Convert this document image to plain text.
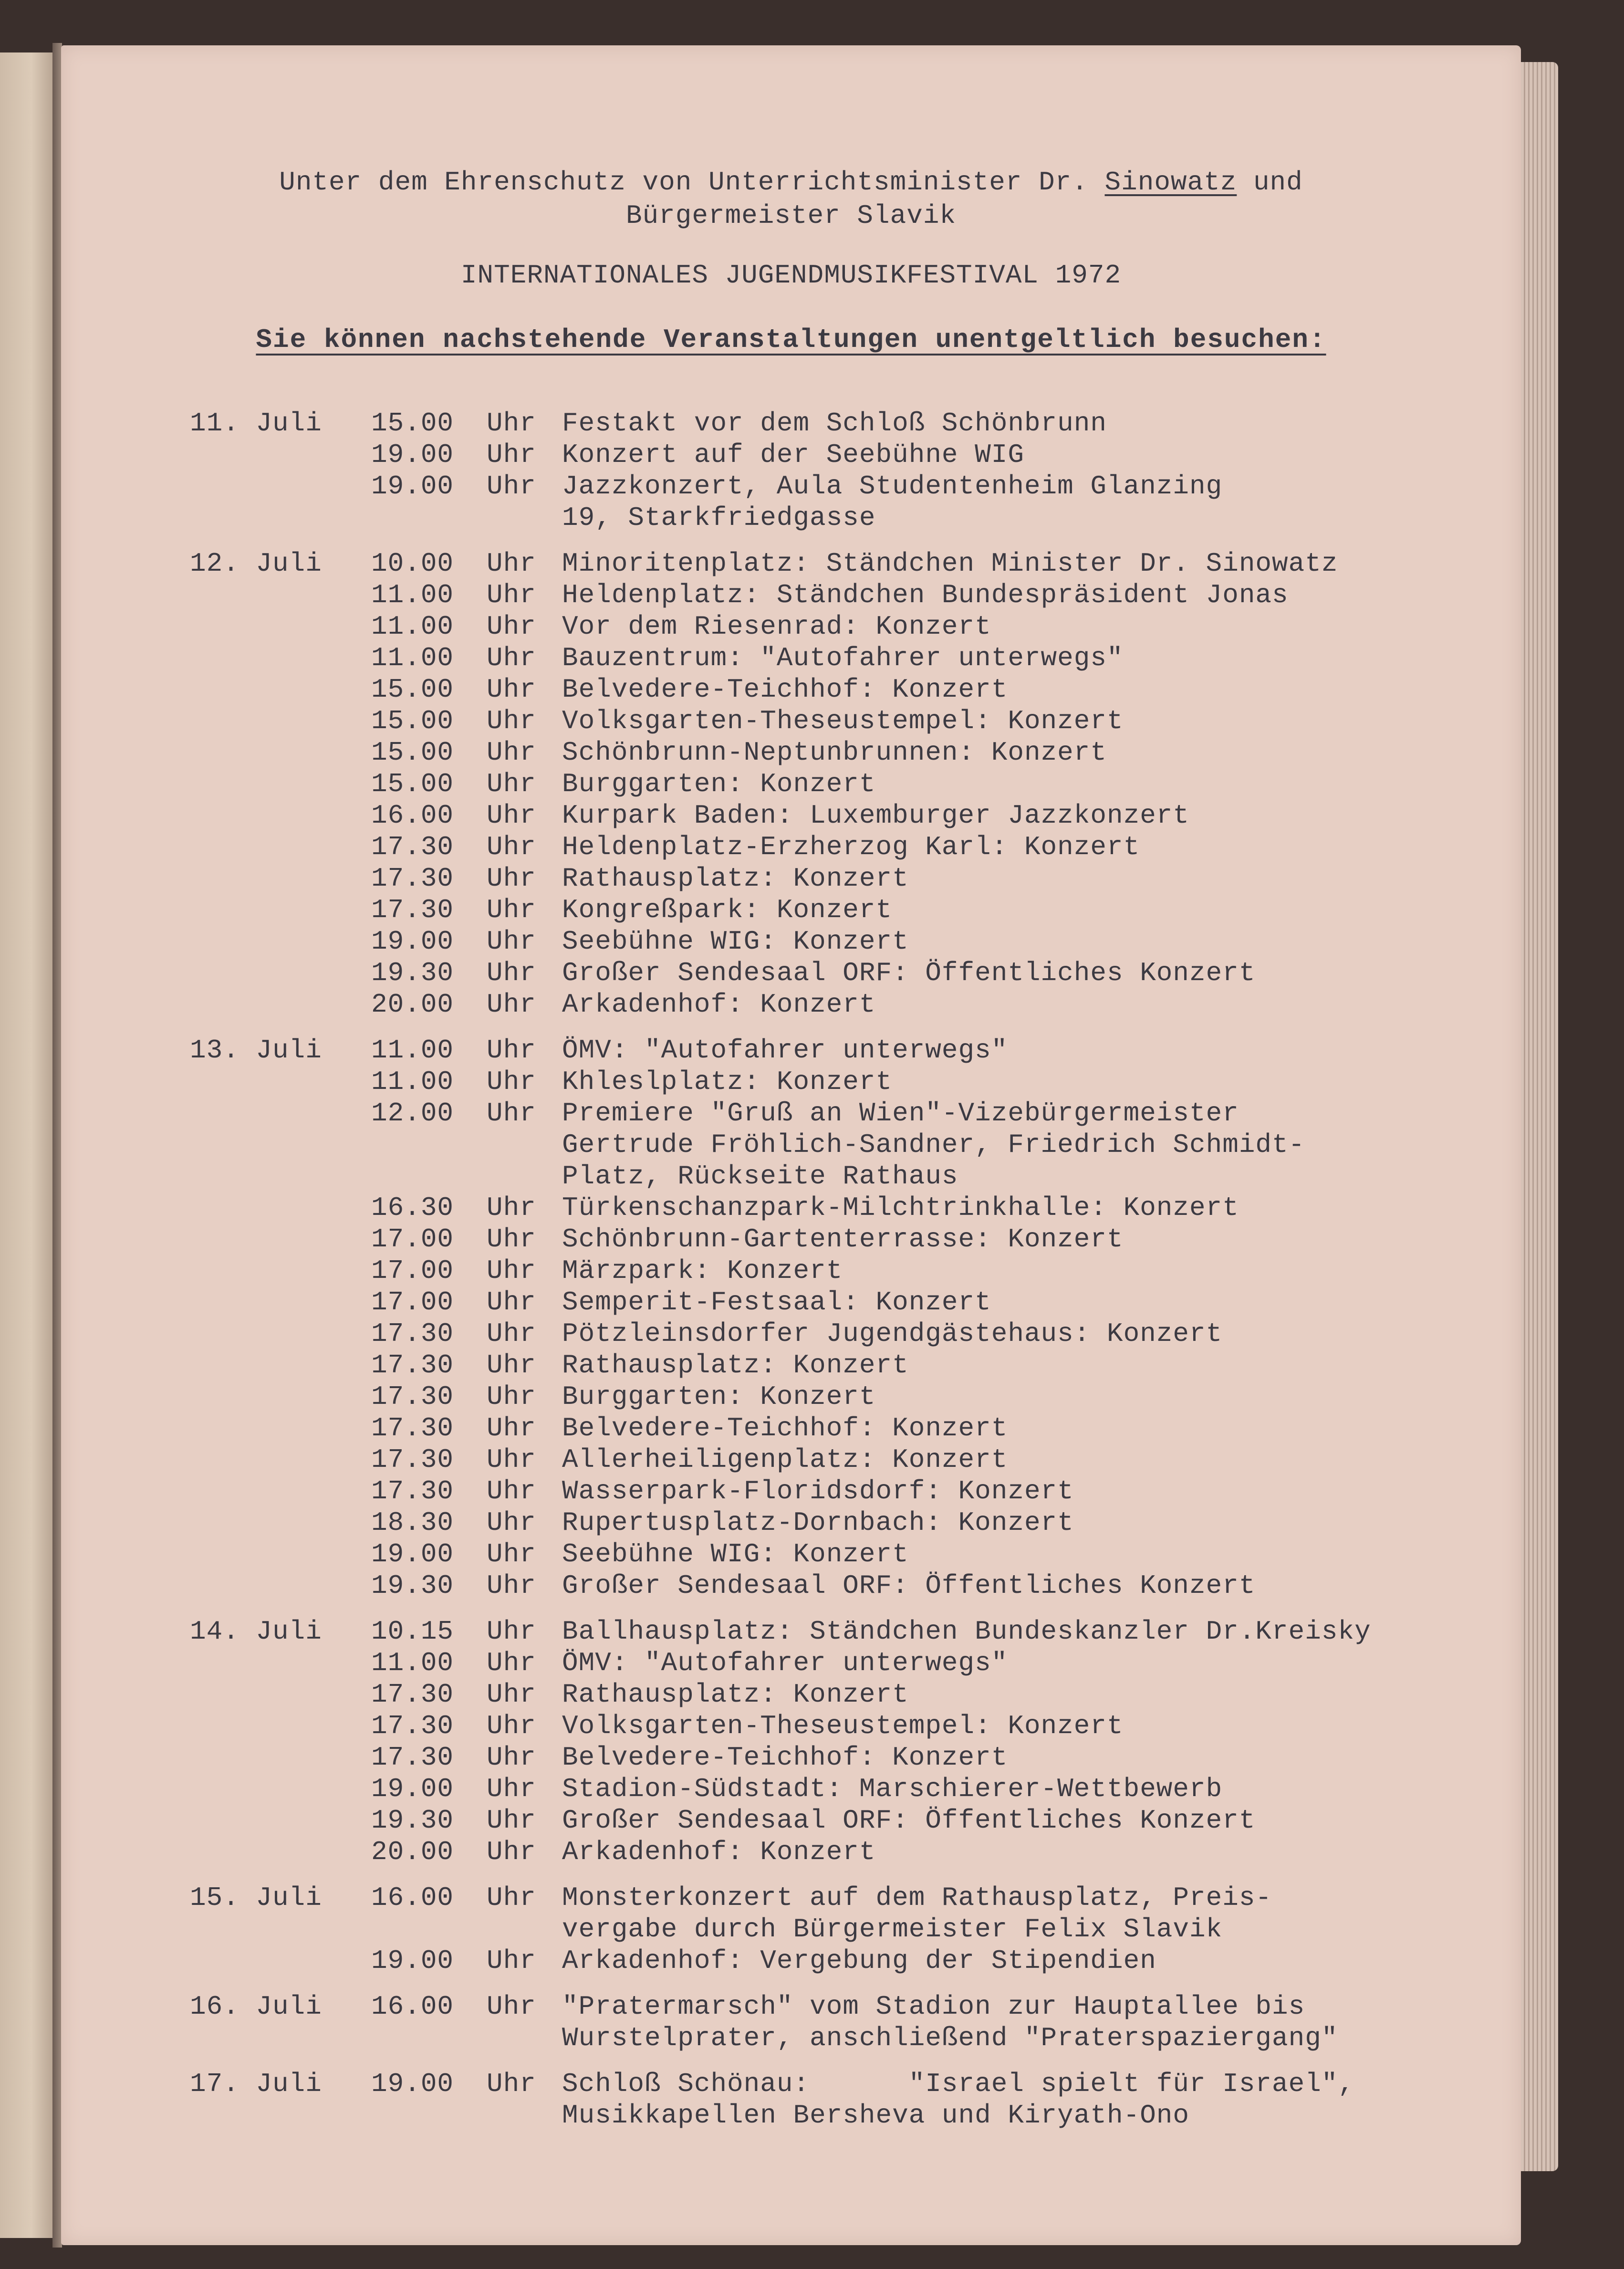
Unter dem Ehrenschutz von Unterrichtsminister Dr. Sinowatz und
Bürgermeister Slavik
INTERNATIONALES JUGENDMUSIKFESTIVAL 1972
Sie können nachstehende Veranstaltungen unentgeltlich besuchen:
11. Juli 15.00 Uhr Festakt vor dem Schloß Schönbrunn
19.00 Uhr Konzert auf der Seebühne WIG
19.00 Uhr Jazzkonzert, Aula Studentenheim Glanzing
19, Starkfriedgasse
12. Juli 10.00 Uhr Minoritenplatz: Ständchen Minister Dr. Sinowatz
11.00 Uhr Heldenplatz: Ständchen Bundespräsident Jonas
11.00 Uhr Vor dem Riesenrad: Konzert
11.00 Uhr Bauzentrum: "Autofahrer unterwegs"
15.00 Uhr Belvedere-Teichhof: Konzert
15.00 Uhr Volksgarten-Theseustempel: Konzert
15.00 Uhr Schönbrunn-Neptunbrunnen: Konzert
15.00 Uhr Burggarten: Konzert
16.00 Uhr Kurpark Baden: Luxemburger Jazzkonzert
17.30 Uhr Heldenplatz-Erzherzog Karl: Konzert
17.30 Uhr Rathausplatz: Konzert
17.30 Uhr Kongreßpark: Konzert
19.00 Uhr Seebühne WIG: Konzert
19.30 Uhr Großer Sendesaal ORF: Öffentliches Konzert
20.00 Uhr Arkadenhof: Konzert
13. Juli 11.00 Uhr ÖMV: "Autofahrer unterwegs"
11.00 Uhr Khleslplatz: Konzert
12.00 Uhr Premiere "Gruß an Wien"-Vizebürgermeister
Gertrude Fröhlich-Sandner, Friedrich Schmidt-
Platz, Rückseite Rathaus
16.30 Uhr Türkenschanzpark-Milchtrinkhalle: Konzert
17.00 Uhr Schönbrunn-Gartenterrasse: Konzert
17.00 Uhr Märzpark: Konzert
17.00 Uhr Semperit-Festsaal: Konzert
17.30 Uhr Pötzleinsdorfer Jugendgästehaus: Konzert
17.30 Uhr Rathausplatz: Konzert
17.30 Uhr Burggarten: Konzert
17.30 Uhr Belvedere-Teichhof: Konzert
17.30 Uhr Allerheiligenplatz: Konzert
17.30 Uhr Wasserpark-Floridsdorf: Konzert
18.30 Uhr Rupertusplatz-Dornbach: Konzert
19.00 Uhr Seebühne WIG: Konzert
19.30 Uhr Großer Sendesaal ORF: Öffentliches Konzert
14. Juli 10.15 Uhr Ballhausplatz: Ständchen Bundeskanzler Dr.Kreisky
11.00 Uhr ÖMV: "Autofahrer unterwegs"
17.30 Uhr Rathausplatz: Konzert
17.30 Uhr Volksgarten-Theseustempel: Konzert
17.30 Uhr Belvedere-Teichhof: Konzert
19.00 Uhr Stadion-Südstadt: Marschierer-Wettbewerb
19.30 Uhr Großer Sendesaal ORF: Öffentliches Konzert
20.00 Uhr Arkadenhof: Konzert
15. Juli 16.00 Uhr Monsterkonzert auf dem Rathausplatz, Preis-
vergabe durch Bürgermeister Felix Slavik
19.00 Uhr Arkadenhof: Vergebung der Stipendien
16. Juli 16.00 Uhr "Pratermarsch" vom Stadion zur Hauptallee bis
Wurstelprater, anschließend "Praterspaziergang"
17. Juli 19.00 Uhr Schloß Schönau:      "Israel spielt für Israel",
Musikkapellen Bersheva und Kiryath-Ono
